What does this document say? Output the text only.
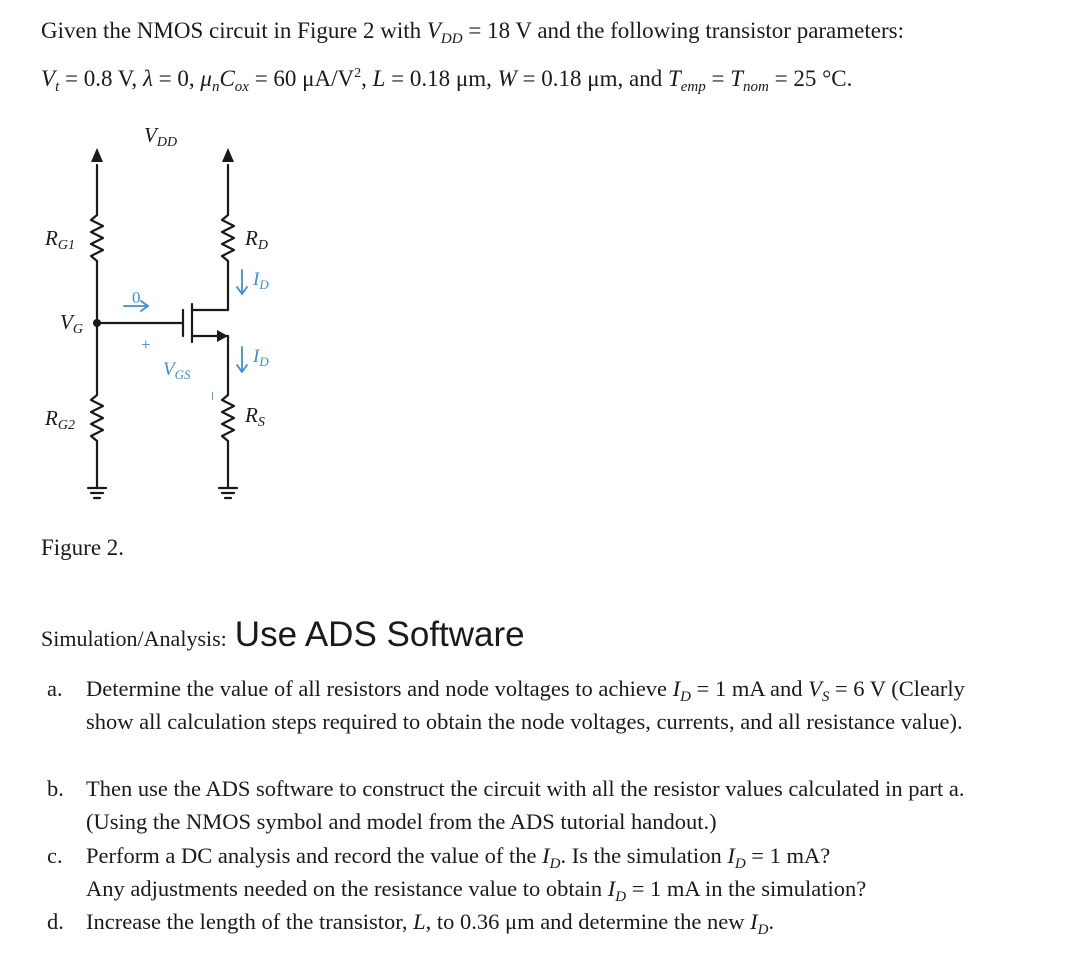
Given the NMOS circuit in Figure 2 with $V_{DD} = 18$ V and the following transistor parameters:
$V_t = 0.8$ V, λ = 0, $\mu_nC_{ox} = 60$ $\mu A/V^2$, L = 0.18 μm, W = 0.18 μm, and $T_{emp} = T_{nom} = 25$ °C.
VDD
RG1
VG
RG2
RD
RS
$V_{GS}$
$I_D$
$I_D$
0
+
−
Figure 2.
Simulation/Analysis: Use ADS Software
a. Determine the value of all resistors and node voltages to achieve $I_D = 1$ mA and $V_S = 6$ V (Clearly show all calculation steps required to obtain the node voltages, currents, and all resistance value).
b. Then use the ADS software to construct the circuit with all the resistor values calculated in part a. (Using the NMOS symbol and model from the ADS tutorial handout.)
c. Perform a DC analysis and record the value of the $I_D$. Is the simulation $I_D = 1$ mA?
Any adjustments needed on the resistance value to obtain $I_D = 1$ mA in the simulation?
d. Increase the length of the transistor, L, to 0.36 μm and determine the new $I_D$.
